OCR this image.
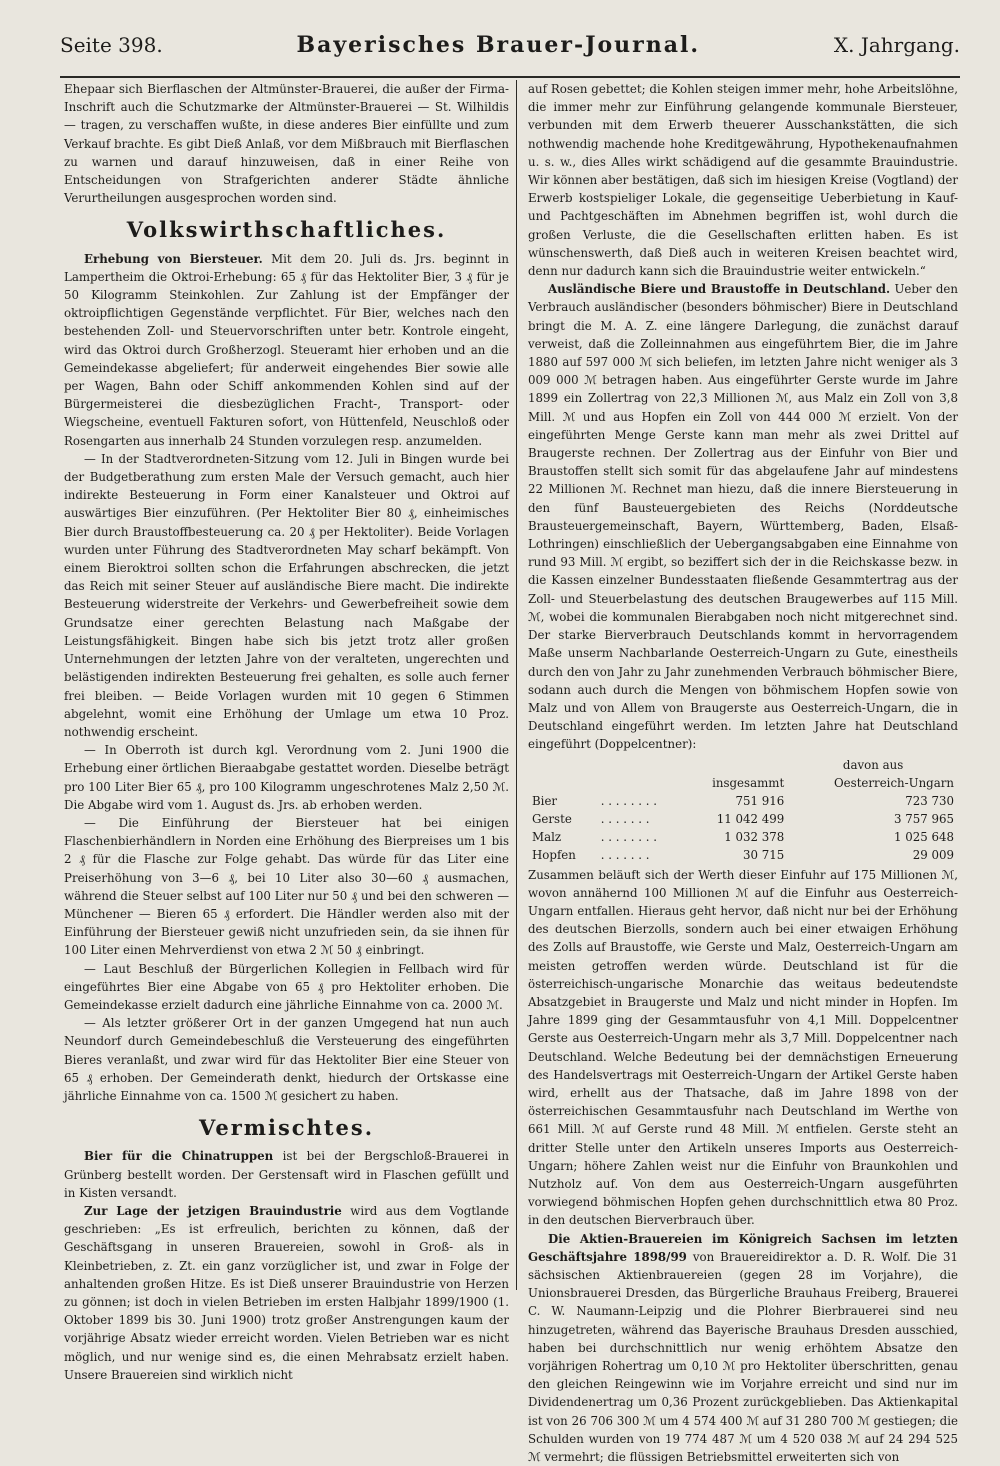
Seite 398.	Bayerisches Brauer-Journal.	X. Jahrgang.

Ehepaar sich Bierflaschen der Altmünster-Brauerei, die außer der Firma-Inschrift auch die Schutzmarke der Altmünster-Brauerei — St. Wilhildis — tragen, zu verschaffen wußte, in diese anderes Bier einfüllte und zum Verkauf brachte. Es gibt Dieß Anlaß, vor dem Mißbrauch mit Bierflaschen zu warnen und darauf hinzuweisen, daß in einer Reihe von Entscheidungen von Strafgerichten anderer Städte ähnliche Verurtheilungen ausgesprochen worden sind.

Volkswirthschaftliches.

Erhebung von Biersteuer. Mit dem 20. Juli ds. Jrs. beginnt in Lampertheim die Oktroi-Erhebung: 65 ₰ für das Hektoliter Bier, 3 ₰ für je 50 Kilogramm Steinkohlen. Zur Zahlung ist der Empfänger der oktroipflichtigen Gegenstände verpflichtet. Für Bier, welches nach den bestehenden Zoll- und Steuervorschriften unter betr. Kontrole eingeht, wird das Oktroi durch Großherzogl. Steueramt hier erhoben und an die Gemeindekasse abgeliefert; für anderweit eingehendes Bier sowie alle per Wagen, Bahn oder Schiff ankommenden Kohlen sind auf der Bürgermeisterei die diesbezüglichen Fracht-, Transport- oder Wiegscheine, eventuell Fakturen sofort, von Hüttenfeld, Neuschloß oder Rosengarten aus innerhalb 24 Stunden vorzulegen resp. anzumelden.

— In der Stadtverordneten-Sitzung vom 12. Juli in Bingen wurde bei der Budgetberathung zum ersten Male der Versuch gemacht, auch hier indirekte Besteuerung in Form einer Kanalsteuer und Oktroi auf auswärtiges Bier einzuführen. (Per Hektoliter Bier 80 ₰, einheimisches Bier durch Braustoffbesteuerung ca. 20 ₰ per Hektoliter). Beide Vorlagen wurden unter Führung des Stadtverordneten May scharf bekämpft. Von einem Bieroktroi sollten schon die Erfahrungen abschrecken, die jetzt das Reich mit seiner Steuer auf ausländische Biere macht. Die indirekte Besteuerung widerstreite der Verkehrs- und Gewerbefreiheit sowie dem Grundsatze einer gerechten Belastung nach Maßgabe der Leistungsfähigkeit. Bingen habe sich bis jetzt trotz aller großen Unternehmungen der letzten Jahre von der veralteten, ungerechten und belästigenden indirekten Besteuerung frei gehalten, es solle auch ferner frei bleiben. — Beide Vorlagen wurden mit 10 gegen 6 Stimmen abgelehnt, womit eine Erhöhung der Umlage um etwa 10 Proz. nothwendig erscheint.

— In Oberroth ist durch kgl. Verordnung vom 2. Juni 1900 die Erhebung einer örtlichen Bieraabgabe gestattet worden. Dieselbe beträgt pro 100 Liter Bier 65 ₰, pro 100 Kilogramm ungeschrotenes Malz 2,50 ℳ. Die Abgabe wird vom 1. August ds. Jrs. ab erhoben werden.

— Die Einführung der Biersteuer hat bei einigen Flaschenbierhändlern in Norden eine Erhöhung des Bierpreises um 1 bis 2 ₰ für die Flasche zur Folge gehabt. Das würde für das Liter eine Preiserhöhung von 3—6 ₰, bei 10 Liter also 30—60 ₰ ausmachen, während die Steuer selbst auf 100 Liter nur 50 ₰ und bei den schweren — Münchener — Bieren 65 ₰ erfordert. Die Händler werden also mit der Einführung der Biersteuer gewiß nicht unzufrieden sein, da sie ihnen für 100 Liter einen Mehrverdienst von etwa 2 ℳ 50 ₰ einbringt.

— Laut Beschluß der Bürgerlichen Kollegien in Fellbach wird für eingeführtes Bier eine Abgabe von 65 ₰ pro Hektoliter erhoben. Die Gemeindekasse erzielt dadurch eine jährliche Einnahme von ca. 2000 ℳ.

— Als letzter größerer Ort in der ganzen Umgegend hat nun auch Neundorf durch Gemeindebeschluß die Versteuerung des eingeführten Bieres veranlaßt, und zwar wird für das Hektoliter Bier eine Steuer von 65 ₰ erhoben. Der Gemeinderath denkt, hiedurch der Ortskasse eine jährliche Einnahme von ca. 1500 ℳ gesichert zu haben.

Vermischtes.

Bier für die Chinatruppen ist bei der Bergschloß-Brauerei in Grünberg bestellt worden. Der Gerstensaft wird in Flaschen gefüllt und in Kisten versandt.

Zur Lage der jetzigen Brauindustrie wird aus dem Vogtlande geschrieben: „Es ist erfreulich, berichten zu können, daß der Geschäftsgang in unseren Brauereien, sowohl in Groß- als in Kleinbetrieben, z. Zt. ein ganz vorzüglicher ist, und zwar in Folge der anhaltenden großen Hitze. Es ist Dieß unserer Brauindustrie von Herzen zu gönnen; ist doch in vielen Betrieben im ersten Halbjahr 1899/1900 (1. Oktober 1899 bis 30. Juni 1900) trotz großer Anstrengungen kaum der vorjährige Absatz wieder erreicht worden. Vielen Betrieben war es nicht möglich, und nur wenige sind es, die einen Mehrabsatz erzielt haben. Unsere Brauereien sind wirklich nicht

auf Rosen gebettet; die Kohlen steigen immer mehr, hohe Arbeitslöhne, die immer mehr zur Einführung gelangende kommunale Biersteuer, verbunden mit dem Erwerb theuerer Ausschankstätten, die sich nothwendig machende hohe Kreditgewährung, Hypothekenaufnahmen u. s. w., dies Alles wirkt schädigend auf die gesammte Brauindustrie. Wir können aber bestätigen, daß sich im hiesigen Kreise (Vogtland) der Erwerb kostspieliger Lokale, die gegenseitige Ueberbietung in Kauf- und Pachtgeschäften im Abnehmen begriffen ist, wohl durch die großen Verluste, die die Gesellschaften erlitten haben. Es ist wünschenswerth, daß Dieß auch in weiteren Kreisen beachtet wird, denn nur dadurch kann sich die Brauindustrie weiter entwickeln.“

Ausländische Biere und Braustoffe in Deutschland. Ueber den Verbrauch ausländischer (besonders böhmischer) Biere in Deutschland bringt die M. A. Z. eine längere Darlegung, die zunächst darauf verweist, daß die Zolleinnahmen aus eingeführtem Bier, die im Jahre 1880 auf 597 000 ℳ sich beliefen, im letzten Jahre nicht weniger als 3 009 000 ℳ betragen haben. Aus eingeführter Gerste wurde im Jahre 1899 ein Zollertrag von 22,3 Millionen ℳ, aus Malz ein Zoll von 3,8 Mill. ℳ und aus Hopfen ein Zoll von 444 000 ℳ erzielt. Von der eingeführten Menge Gerste kann man mehr als zwei Drittel auf Braugerste rechnen. Der Zollertrag aus der Einfuhr von Bier und Braustoffen stellt sich somit für das abgelaufene Jahr auf mindestens 22 Millionen ℳ. Rechnet man hiezu, daß die innere Biersteuerung in den fünf Bausteuergebieten des Reichs (Norddeutsche Brausteuergemeinschaft, Bayern, Württemberg, Baden, Elsaß-Lothringen) einschließlich der Uebergangsabgaben eine Einnahme von rund 93 Mill. ℳ ergibt, so beziffert sich der in die Reichskasse bezw. in die Kassen einzelner Bundesstaaten fließende Gesammtertrag aus der Zoll- und Steuerbelastung des deutschen Braugewerbes auf 115 Mill. ℳ, wobei die kommunalen Bierabgaben noch nicht mitgerechnet sind. Der starke Bierverbrauch Deutschlands kommt in hervorragendem Maße unserm Nachbarlande Oesterreich-Ungarn zu Gute, einestheils durch den von Jahr zu Jahr zunehmenden Verbrauch böhmischer Biere, sodann auch durch die Mengen von böhmischem Hopfen sowie von Malz und von Allem von Braugerste aus Oesterreich-Ungarn, die in Deutschland eingeführt werden. Im letzten Jahre hat Deutschland eingeführt (Doppelcentner):

			davon aus
		insgesammt	Oesterreich-Ungarn
Bier	. . . . . . . .	751 916	723 730
Gerste	. . . . . . .	11 042 499	3 757 965
Malz	. . . . . . . .	1 032 378	1 025 648
Hopfen	. . . . . . .	30 715	29 009

Zusammen beläuft sich der Werth dieser Einfuhr auf 175 Millionen ℳ, wovon annähernd 100 Millionen ℳ auf die Einfuhr aus Oesterreich-Ungarn entfallen. Hieraus geht hervor, daß nicht nur bei der Erhöhung des deutschen Bierzolls, sondern auch bei einer etwaigen Erhöhung des Zolls auf Braustoffe, wie Gerste und Malz, Oesterreich-Ungarn am meisten getroffen werden würde. Deutschland ist für die österreichisch-ungarische Monarchie das weitaus bedeutendste Absatzgebiet in Braugerste und Malz und nicht minder in Hopfen. Im Jahre 1899 ging der Gesammtausfuhr von 4,1 Mill. Doppelcentner Gerste aus Oesterreich-Ungarn mehr als 3,7 Mill. Doppelcentner nach Deutschland. Welche Bedeutung bei der demnächstigen Erneuerung des Handelsvertrags mit Oesterreich-Ungarn der Artikel Gerste haben wird, erhellt aus der Thatsache, daß im Jahre 1898 von der österreichischen Gesammtausfuhr nach Deutschland im Werthe von 661 Mill. ℳ auf Gerste rund 48 Mill. ℳ entfielen. Gerste steht an dritter Stelle unter den Artikeln unseres Imports aus Oesterreich-Ungarn; höhere Zahlen weist nur die Einfuhr von Braunkohlen und Nutzholz auf. Von dem aus Oesterreich-Ungarn ausgeführten vorwiegend böhmischen Hopfen gehen durchschnittlich etwa 80 Proz. in den deutschen Bierverbrauch über.

Die Aktien-Brauereien im Königreich Sachsen im letzten Geschäftsjahre 1898/99 von Brauereidirektor a. D. R. Wolf. Die 31 sächsischen Aktienbrauereien (gegen 28 im Vorjahre), die Unionsbrauerei Dresden, das Bürgerliche Brauhaus Freiberg, Brauerei C. W. Naumann-Leipzig und die Plohrer Bierbrauerei sind neu hinzugetreten, während das Bayerische Brauhaus Dresden ausschied, haben bei durchschnittlich nur wenig erhöhtem Absatze den vorjährigen Rohertrag um 0,10 ℳ pro Hektoliter überschritten, genau den gleichen Reingewinn wie im Vorjahre erreicht und sind nur im Dividendenertrag um 0,36 Prozent zurückgeblieben. Das Aktienkapital ist von 26 706 300 ℳ um 4 574 400 ℳ auf 31 280 700 ℳ gestiegen; die Schulden wurden von 19 774 487 ℳ um 4 520 038 ℳ auf 24 294 525 ℳ vermehrt; die flüssigen Betriebsmittel erweiterten sich von
